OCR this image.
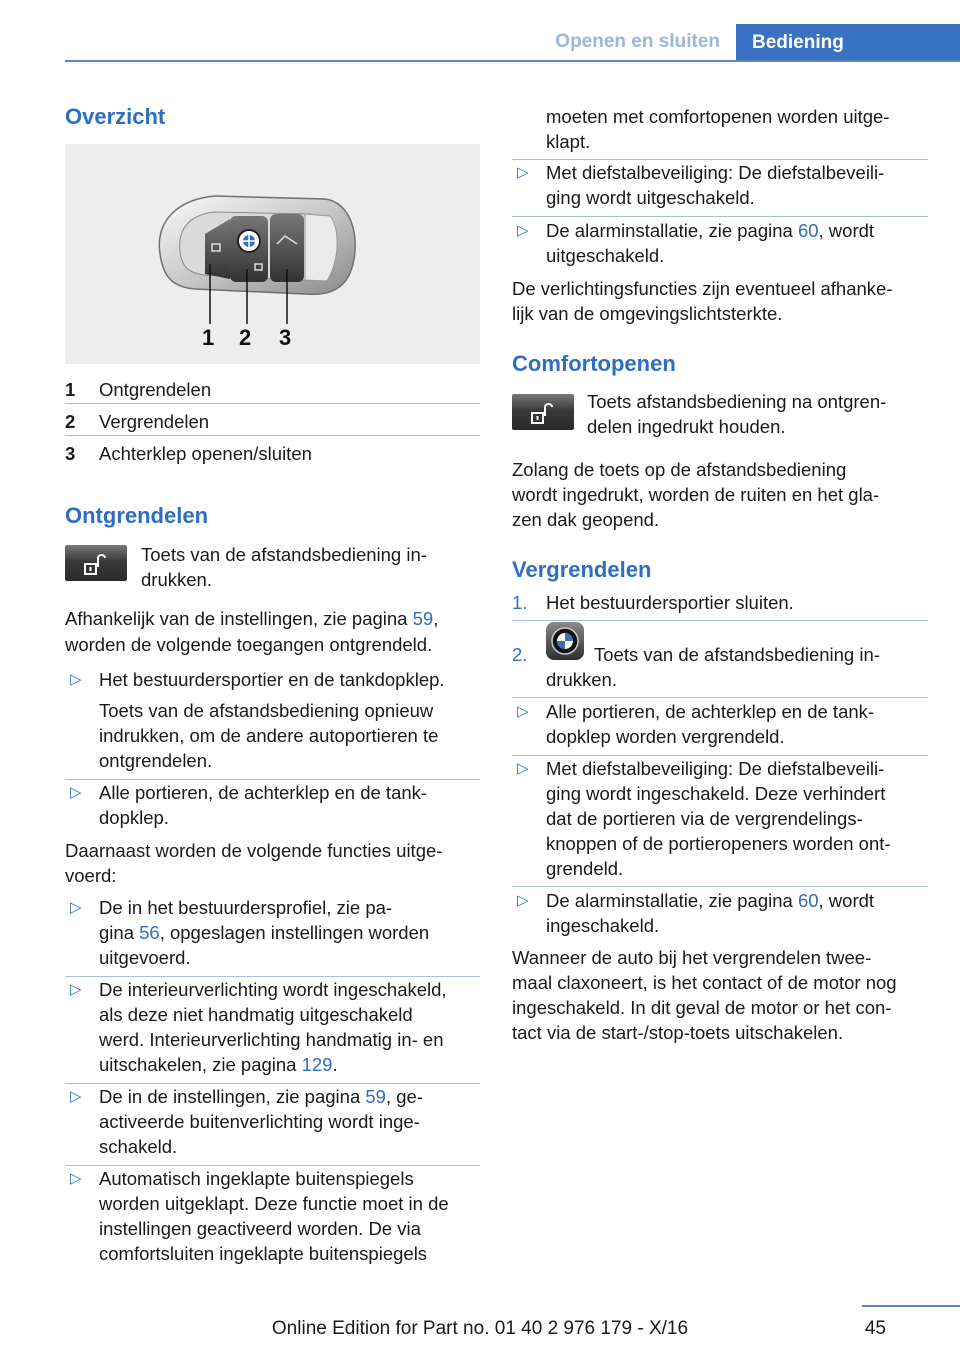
Openen en sluiten	Bediening
Overzicht
1 2 3
1 Ontgrendelen
2 Vergrendelen
3 Achterklep openen/sluiten
Ontgrendelen
Toets van de afstandsbediening in-
drukken.
Afhankelijk van de instellingen, zie pagina 59,
worden de volgende toegangen ontgrendeld.
▷ Het bestuurdersportier en de tankdopklep.
Toets van de afstandsbediening opnieuw
indrukken, om de andere autoportieren te
ontgrendelen.
▷ Alle portieren, de achterklep en de tank-
dopklep.
Daarnaast worden de volgende functies uitge-
voerd:
▷ De in het bestuurdersprofiel, zie pa-
gina 56, opgeslagen instellingen worden
uitgevoerd.
▷ De interieurverlichting wordt ingeschakeld,
als deze niet handmatig uitgeschakeld
werd. Interieurverlichting handmatig in- en
uitschakelen, zie pagina 129.
▷ De in de instellingen, zie pagina 59, ge-
activeerde buitenverlichting wordt inge-
schakeld.
▷ Automatisch ingeklapte buitenspiegels
worden uitgeklapt. Deze functie moet in de
instellingen geactiveerd worden. De via
comfortsluiten ingeklapte buitenspiegels
moeten met comfortopenen worden uitge-
klapt.
▷ Met diefstalbeveiliging: De diefstalbeveili-
ging wordt uitgeschakeld.
▷ De alarminstallatie, zie pagina 60, wordt
uitgeschakeld.
De verlichtingsfuncties zijn eventueel afhanke-
lijk van de omgevingslichtsterkte.
Comfortopenen
Toets afstandsbediening na ontgren-
delen ingedrukt houden.
Zolang de toets op de afstandsbediening
wordt ingedrukt, worden de ruiten en het gla-
zen dak geopend.
Vergrendelen
1. Het bestuurdersportier sluiten.
2.	Toets van de afstandsbediening in-
drukken.
▷ Alle portieren, de achterklep en de tank-
dopklep worden vergrendeld.
▷ Met diefstalbeveiliging: De diefstalbeveili-
ging wordt ingeschakeld. Deze verhindert
dat de portieren via de vergrendelings-
knoppen of de portieropeners worden ont-
grendeld.
▷ De alarminstallatie, zie pagina 60, wordt
ingeschakeld.
Wanneer de auto bij het vergrendelen twee-
maal claxoneert, is het contact of de motor nog
ingeschakeld. In dit geval de motor or het con-
tact via de start-/stop-toets uitschakelen.
45
Online Edition for Part no. 01 40 2 976 179 - X/16
